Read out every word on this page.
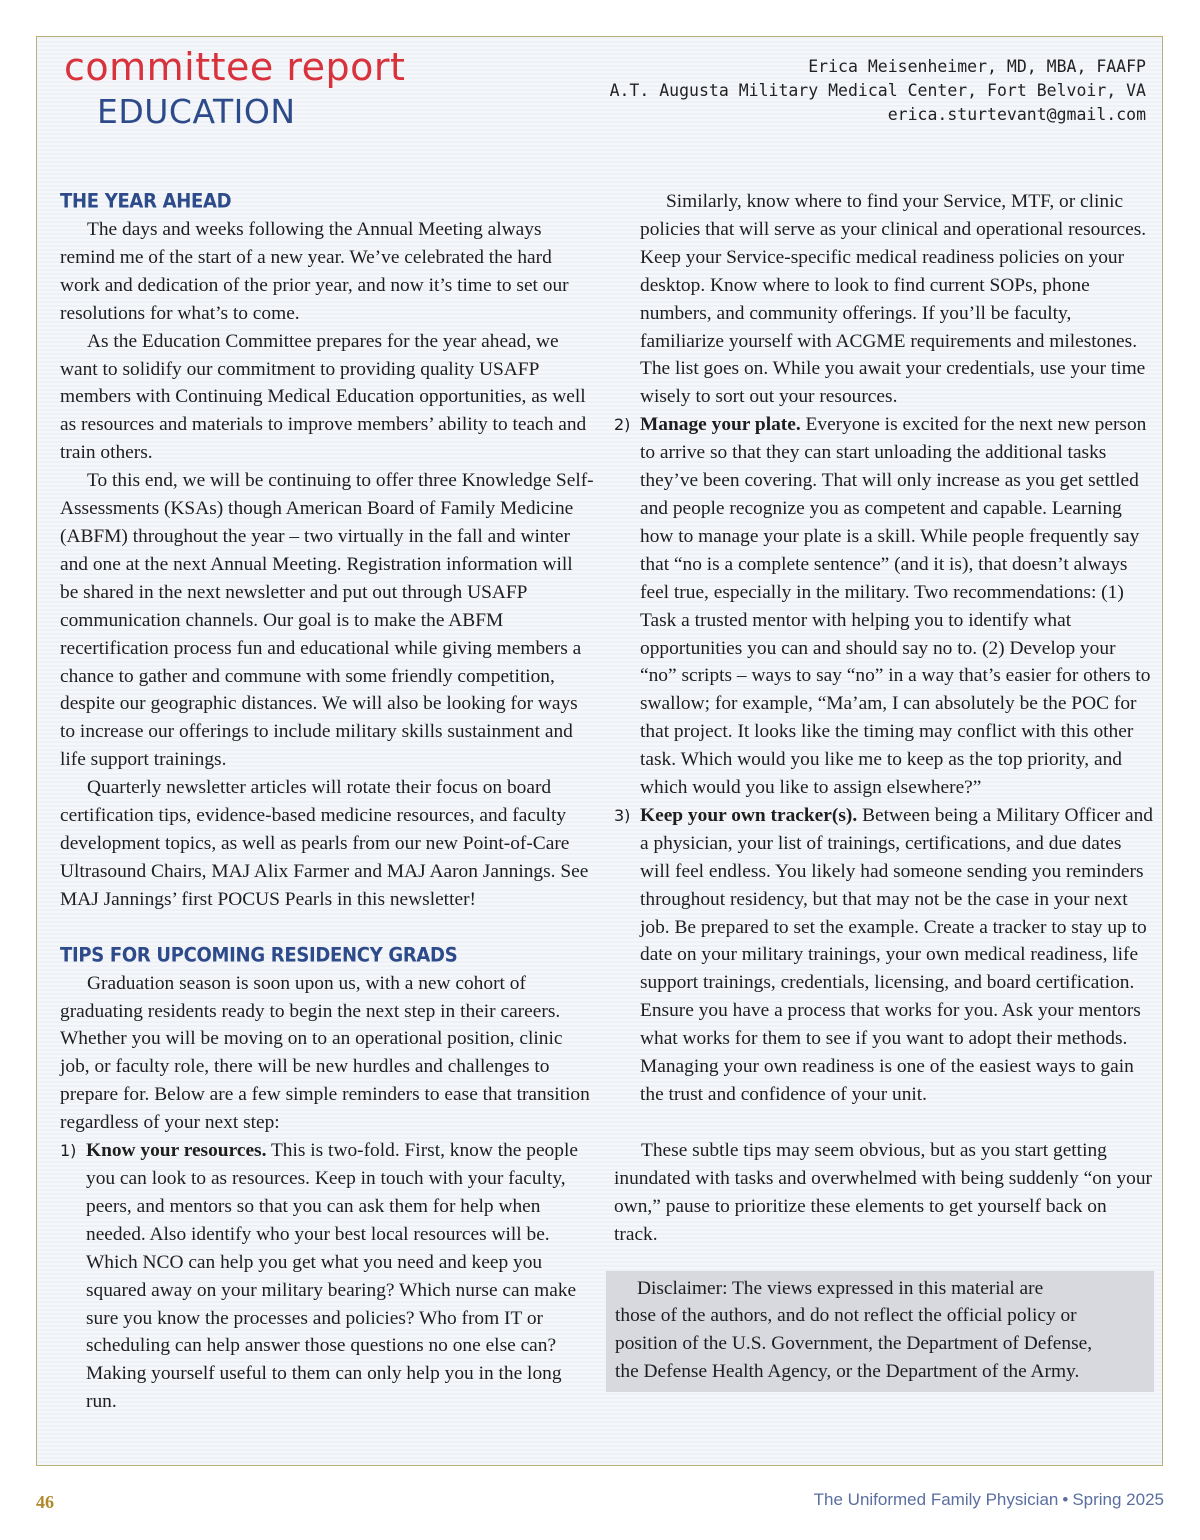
committee report
EDUCATION
Erica Meisenheimer, MD, MBA, FAAFP
A.T. Augusta Military Medical Center, Fort Belvoir, VA
erica.sturtevant@gmail.com
THE YEAR AHEAD

The days and weeks following the Annual Meeting always remind me of the start of a new year. We’ve celebrated the hard work and dedication of the prior year, and now it’s time to set our resolutions for what’s to come.

As the Education Committee prepares for the year ahead, we want to solidify our commitment to providing quality USAFP members with Continuing Medical Education opportunities, as well as resources and materials to improve members’ ability to teach and train others.

To this end, we will be continuing to offer three Knowledge Self-Assessments (KSAs) though American Board of Family Medicine (ABFM) throughout the year – two virtually in the fall and winter and one at the next Annual Meeting. Registration information will be shared in the next newsletter and put out through USAFP communication channels. Our goal is to make the ABFM recertification process fun and educational while giving members a chance to gather and commune with some friendly competition, despite our geographic distances. We will also be looking for ways to increase our offerings to include military skills sustainment and life support trainings.

Quarterly newsletter articles will rotate their focus on board certification tips, evidence-based medicine resources, and faculty development topics, as well as pearls from our new Point-of-Care Ultrasound Chairs, MAJ Alix Farmer and MAJ Aaron Jannings. See MAJ Jannings’ first POCUS Pearls in this newsletter!

TIPS FOR UPCOMING RESIDENCY GRADS

Graduation season is soon upon us, with a new cohort of graduating residents ready to begin the next step in their careers. Whether you will be moving on to an operational position, clinic job, or faculty role, there will be new hurdles and challenges to prepare for. Below are a few simple reminders to ease that transition regardless of your next step:

1) Know your resources. This is two-fold. First, know the people you can look to as resources. Keep in touch with your faculty, peers, and mentors so that you can ask them for help when needed. Also identify who your best local resources will be. Which NCO can help you get what you need and keep you squared away on your military bearing? Which nurse can make sure you know the processes and policies? Who from IT or scheduling can help answer those questions no one else can? Making yourself useful to them can only help you in the long run.

Similarly, know where to find your Service, MTF, or clinic policies that will serve as your clinical and operational resources. Keep your Service-specific medical readiness policies on your desktop. Know where to look to find current SOPs, phone numbers, and community offerings. If you’ll be faculty, familiarize yourself with ACGME requirements and milestones. The list goes on. While you await your credentials, use your time wisely to sort out your resources.

2) Manage your plate. Everyone is excited for the next new person to arrive so that they can start unloading the additional tasks they’ve been covering. That will only increase as you get settled and people recognize you as competent and capable. Learning how to manage your plate is a skill. While people frequently say that “no is a complete sentence” (and it is), that doesn’t always feel true, especially in the military. Two recommendations: (1) Task a trusted mentor with helping you to identify what opportunities you can and should say no to. (2) Develop your “no” scripts – ways to say “no” in a way that’s easier for others to swallow; for example, “Ma’am, I can absolutely be the POC for that project. It looks like the timing may conflict with this other task. Which would you like me to keep as the top priority, and which would you like to assign elsewhere?”

3) Keep your own tracker(s). Between being a Military Officer and a physician, your list of trainings, certifications, and due dates will feel endless. You likely had someone sending you reminders throughout residency, but that may not be the case in your next job. Be prepared to set the example. Create a tracker to stay up to date on your military trainings, your own medical readiness, life support trainings, credentials, licensing, and board certification. Ensure you have a process that works for you. Ask your mentors what works for them to see if you want to adopt their methods. Managing your own readiness is one of the easiest ways to gain the trust and confidence of your unit.

These subtle tips may seem obvious, but as you start getting inundated with tasks and overwhelmed with being suddenly “on your own,” pause to prioritize these elements to get yourself back on track.

Disclaimer: The views expressed in this material are
those of the authors, and do not reflect the official policy or
position of the U.S. Government, the Department of Defense,
the Defense Health Agency, or the Department of the Army.
46	The Uniformed Family Physician • Spring 2025
